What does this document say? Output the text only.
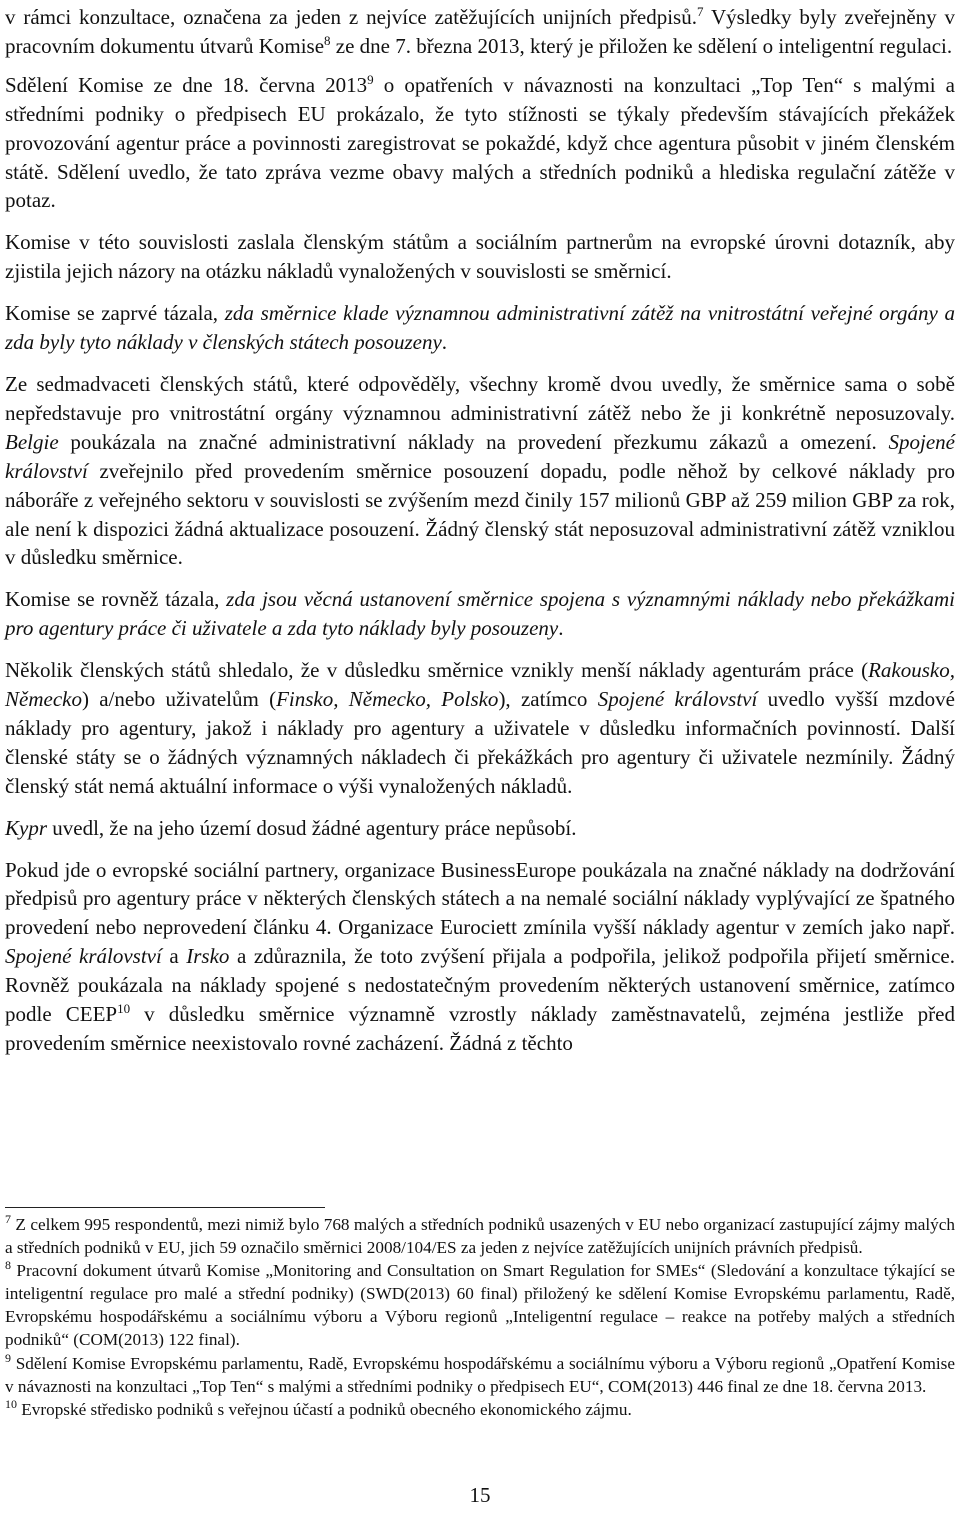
v rámci konzultace, označena za jeden z nejvíce zatěžujících unijních předpisů.$^7$ Výsledky byly zveřejněny v pracovním dokumentu útvarů Komise$^8$ ze dne 7. března 2013, který je přiložen ke sdělení o inteligentní regulaci.

Sdělení Komise ze dne 18. června 2013$^9$ o opatřeních v návaznosti na konzultaci „Top Ten“ s malými a středními podniky o předpisech EU prokázalo, že tyto stížnosti se týkaly především stávajících překážek provozování agentur práce a povinnosti zaregistrovat se pokaždé, když chce agentura působit v jiném členském státě. Sdělení uvedlo, že tato zpráva vezme obavy malých a středních podniků a hlediska regulační zátěže v potaz.

Komise v této souvislosti zaslala členským státům a sociálním partnerům na evropské úrovni dotazník, aby zjistila jejich názory na otázku nákladů vynaložených v souvislosti se směrnicí.

Komise se zaprvé tázala, zda směrnice klade významnou administrativní zátěž na vnitrostátní veřejné orgány a zda byly tyto náklady v členských státech posouzeny.

Ze sedmadvaceti členských států, které odpověděly, všechny kromě dvou uvedly, že směrnice sama o sobě nepředstavuje pro vnitrostátní orgány významnou administrativní zátěž nebo že ji konkrétně neposuzovaly. Belgie poukázala na značné administrativní náklady na provedení přezkumu zákazů a omezení. Spojené království zveřejnilo před provedením směrnice posouzení dopadu, podle něhož by celkové náklady pro náboráře z veřejného sektoru v souvislosti se zvýšením mezd činily 157 milionů GBP až 259 milion GBP za rok, ale není k dispozici žádná aktualizace posouzení. Žádný členský stát neposuzoval administrativní zátěž vzniklou v důsledku směrnice.

Komise se rovněž tázala, zda jsou věcná ustanovení směrnice spojena s významnými náklady nebo překážkami pro agentury práce či uživatele a zda tyto náklady byly posouzeny.

Několik členských států shledalo, že v důsledku směrnice vznikly menší náklady agenturám práce (Rakousko, Německo) a/nebo uživatelům (Finsko, Německo, Polsko), zatímco Spojené království uvedlo vyšší mzdové náklady pro agentury, jakož i náklady pro agentury a uživatele v důsledku informačních povinností. Další členské státy se o žádných významných nákladech či překážkách pro agentury či uživatele nezmínily. Žádný členský stát nemá aktuální informace o výši vynaložených nákladů.

Kypr uvedl, že na jeho území dosud žádné agentury práce nepůsobí.

Pokud jde o evropské sociální partnery, organizace BusinessEurope poukázala na značné náklady na dodržování předpisů pro agentury práce v některých členských státech a na nemalé sociální náklady vyplývající ze špatného provedení nebo neprovedení článku 4. Organizace Eurociett zmínila vyšší náklady agentur v zemích jako např. Spojené království a Irsko a zdůraznila, že toto zvýšení přijala a podpořila, jelikož podpořila přijetí směrnice. Rovněž poukázala na náklady spojené s nedostatečným provedením některých ustanovení směrnice, zatímco podle CEEP$^{10}$ v důsledku směrnice významně vzrostly náklady zaměstnavatelů, zejména jestliže před provedením směrnice neexistovalo rovné zacházení. Žádná z těchto

$^7$ Z celkem 995 respondentů, mezi nimiž bylo 768 malých a středních podniků usazených v EU nebo organizací zastupující zájmy malých a středních podniků v EU, jich 59 označilo směrnici 2008/104/ES za jeden z nejvíce zatěžujících unijních právních předpisů.
$^8$ Pracovní dokument útvarů Komise „Monitoring and Consultation on Smart Regulation for SMEs“ (Sledování a konzultace týkající se inteligentní regulace pro malé a střední podniky) (SWD(2013) 60 final) přiložený ke sdělení Komise Evropskému parlamentu, Radě, Evropskému hospodářskému a sociálnímu výboru a Výboru regionů „Inteligentní regulace – reakce na potřeby malých a středních podniků“ (COM(2013) 122 final).
$^9$ Sdělení Komise Evropskému parlamentu, Radě, Evropskému hospodářskému a sociálnímu výboru a Výboru regionů „Opatření Komise v návaznosti na konzultaci „Top Ten“ s malými a středními podniky o předpisech EU“, COM(2013) 446 final ze dne 18. června 2013.
$^{10}$ Evropské středisko podniků s veřejnou účastí a podniků obecného ekonomického zájmu.
15
